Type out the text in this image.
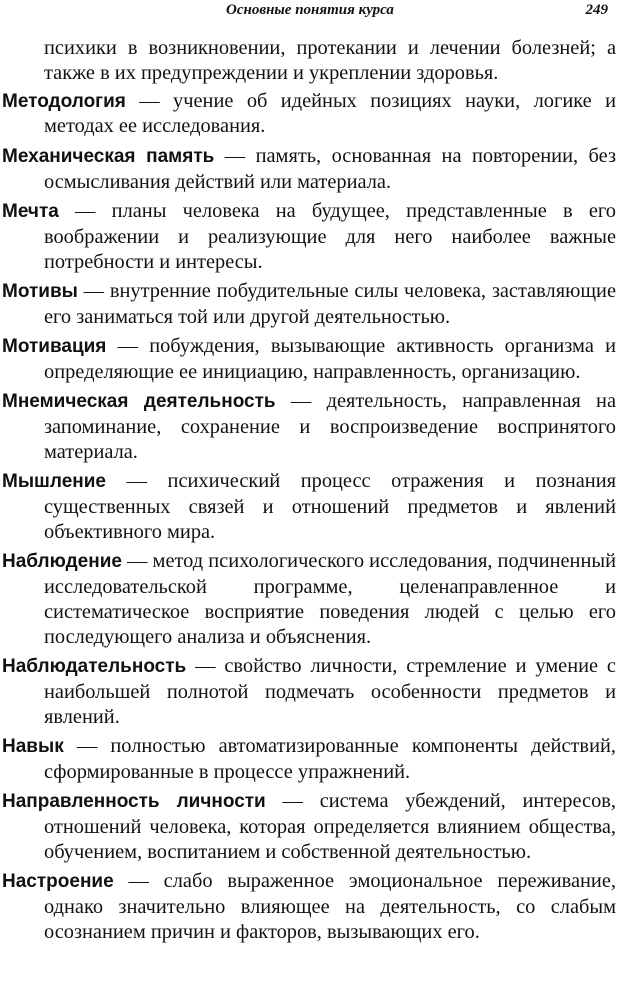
Основные понятия курса	249

психики в возникновении, протекании и лечении болезней; а также в их предупреждении и укреплении здоровья.

Методология — учение об идейных позициях науки, логике и методах ее исследования.

Механическая память — память, основанная на повторении, без осмысливания действий или материала.

Мечта — планы человека на будущее, представленные в его воображении и реализующие для него наиболее важные потребности и интересы.

Мотивы — внутренние побудительные силы человека, заставляющие его заниматься той или другой деятельностью.

Мотивация — побуждения, вызывающие активность организма и определяющие ее инициацию, направленность, организацию.

Мнемическая деятельность — деятельность, направленная на запоминание, сохранение и воспроизведение воспринятого материала.

Мышление — психический процесс отражения и познания существенных связей и отношений предметов и явлений объективного мира.

Наблюдение — метод психологического исследования, подчиненный исследовательской программе, целенаправленное и систематическое восприятие поведения людей с целью его последующего анализа и объяснения.

Наблюдательность — свойство личности, стремление и умение с наибольшей полнотой подмечать особенности предметов и явлений.

Навык — полностью автоматизированные компоненты действий, сформированные в процессе упражнений.

Направленность личности — система убеждений, интересов, отношений человека, которая определяется влиянием общества, обучением, воспитанием и собственной деятельностью.

Настроение — слабо выраженное эмоциональное переживание, однако значительно влияющее на деятельность, со слабым осознанием причин и факторов, вызывающих его.
